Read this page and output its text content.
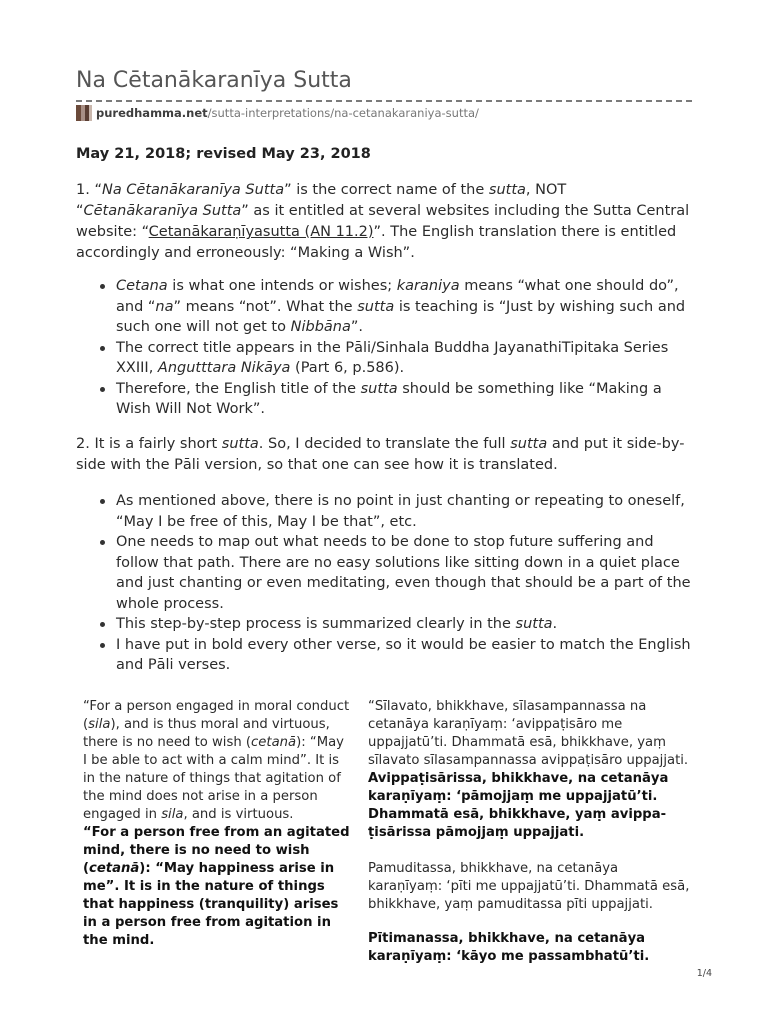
Na Cētanākaranīya Sutta
puredhamma.net /sutta-interpretations/na-cetanakaraniya-sutta/

May 21, 2018; revised May 23, 2018

1. “Na Cētanākaranīya Sutta” is the correct name of the sutta, NOT “Cētanākaranīya Sutta” as it entitled at several websites including the Sutta Central website: “Cetanākaraṇīyasutta (AN 11.2)”. The English translation there is entitled accordingly and erroneously: “Making a Wish”.

Cetana is what one intends or wishes; karaniya means “what one should do”, and “na” means “not”. What the sutta is teaching is “Just by wishing such and such one will not get to Nibbāna”.
The correct title appears in the Pāli/Sinhala Buddha JayanathiTipitaka Series XXIII, Angutttara Nikāya (Part 6, p.586).
Therefore, the English title of the sutta should be something like “Making a Wish Will Not Work”.

2. It is a fairly short sutta. So, I decided to translate the full sutta and put it side-by-side with the Pāli version, so that one can see how it is translated.

As mentioned above, there is no point in just chanting or repeating to oneself, “May I be free of this, May I be that”, etc.
One needs to map out what needs to be done to stop future suffering and follow that path. There are no easy solutions like sitting down in a quiet place and just chanting or even meditating, even though that should be a part of the whole process.
This step-by-step process is summarized clearly in the sutta.
I have put in bold every other verse, so it would be easier to match the English and Pāli verses.

“For a person engaged in moral conduct (sila), and is thus moral and virtuous, there is no need to wish (cetanā): “May I be able to act with a calm mind”. It is in the nature of things that agitation of the mind does not arise in a person engaged in sila, and is virtuous.

“For a person free from an agitated mind, there is no need to wish (cetanā): “May happiness arise in me”. It is in the nature of things that happiness (tranquility) arises in a person free from agitation in the mind.

“Sīlavato, bhikkhave, sīlasampannassa na cetanāya karaṇīyaṃ: ‘avippaṭisāro me uppajjatū’ti. Dhammatā esā, bhikkhave, yaṃ sīlavato sīlasampannassa avippaṭisāro uppajjati.

Avippaṭisārissa, bhikkhave, na cetanāya karaṇīyaṃ: ‘pāmojjaṃ me uppajjatū’ti. Dhammatā esā, bhikkhave, yaṃ avippa-ṭisārissa pāmojjaṃ uppajjati.

Pamuditassa, bhikkhave, na cetanāya karaṇīyaṃ: ‘pīti me uppajjatū’ti. Dhammatā esā, bhikkhave, yaṃ pamuditassa pīti uppajjati.

Pītimanassa, bhikkhave, na cetanāya karaṇīyaṃ: ‘kāyo me passambhatū’ti.

1/4
